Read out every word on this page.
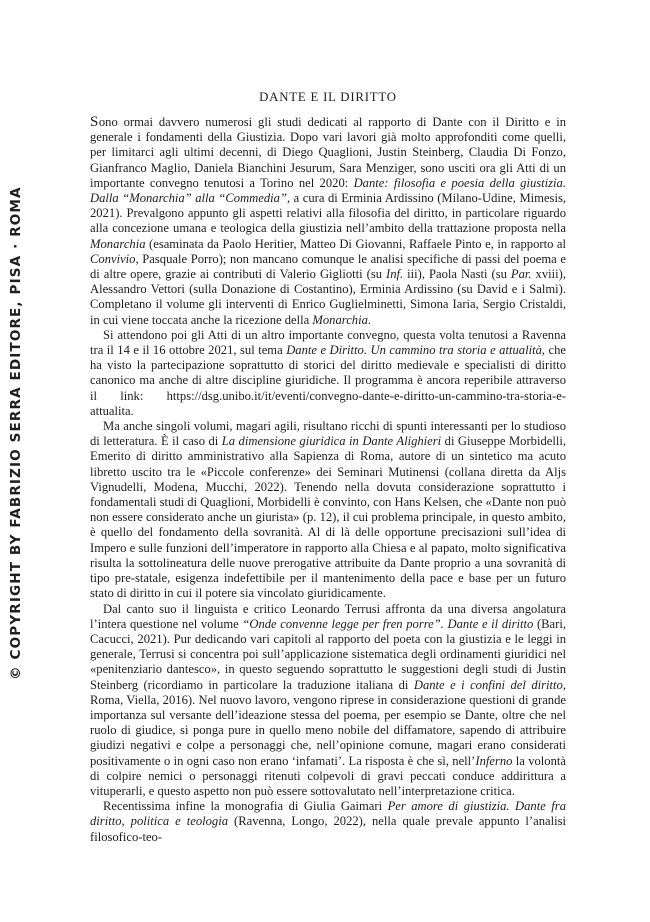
© COPYRIGHT BY FABRIZIO SERRA EDITORE, PISA · ROMA
DANTE E IL DIRITTO

Sono ormai davvero numerosi gli studi dedicati al rapporto di Dante con il Diritto e in generale i fondamenti della Giustizia. Dopo vari lavori già molto approfonditi come quelli, per limitarci agli ultimi decenni, di Diego Quaglioni, Justin Steinberg, Claudia Di Fonzo, Gianfranco Maglio, Daniela Bianchini Jesurum, Sara Menziger, sono usciti ora gli Atti di un importante convegno tenutosi a Torino nel 2020: Dante: filosofia e poesia della giustizia. Dalla “Monarchia” alla “Commedia”, a cura di Erminia Ardissino (Milano-Udine, Mimesis, 2021). Prevalgono appunto gli aspetti relativi alla filosofia del diritto, in particolare riguardo alla concezione umana e teologica della giustizia nell’ambito della trattazione proposta nella Monarchia (esaminata da Paolo Heritier, Matteo Di Giovanni, Raffaele Pinto e, in rapporto al Convivio, Pasquale Porro); non mancano comunque le analisi specifiche di passi del poema e di altre opere, grazie ai contributi di Valerio Gigliotti (su Inf. iii), Paola Nasti (su Par. xviii), Alessandro Vettori (sulla Donazione di Costantino), Erminia Ardissino (su David e i Salmi). Completano il volume gli interventi di Enrico Guglielminetti, Simona Iaria, Sergio Cristaldi, in cui viene toccata anche la ricezione della Monarchia.

Si attendono poi gli Atti di un altro importante convegno, questa volta tenutosi a Ravenna tra il 14 e il 16 ottobre 2021, sul tema Dante e Diritto. Un cammino tra storia e attualità, che ha visto la partecipazione soprattutto di storici del diritto medievale e specialisti di diritto canonico ma anche di altre discipline giuridiche. Il programma è ancora reperibile attraverso il link: https://dsg.unibo.it/it/eventi/convegno-dante-e-diritto-un-cammino-tra-storia-e-attualita.

Ma anche singoli volumi, magari agili, risultano ricchi di spunti interessanti per lo studioso di letteratura. È il caso di La dimensione giuridica in Dante Alighieri di Giuseppe Morbidelli, Emerito di diritto amministrativo alla Sapienza di Roma, autore di un sintetico ma acuto libretto uscito tra le «Piccole conferenze» dei Seminari Mutinensi (collana diretta da Aljs Vignudelli, Modena, Mucchi, 2022). Tenendo nella dovuta considerazione soprattutto i fondamentali studi di Quaglioni, Morbidelli è convinto, con Hans Kelsen, che «Dante non può non essere considerato anche un giurista» (p. 12), il cui problema principale, in questo ambito, è quello del fondamento della sovranità. Al di là delle opportune precisazioni sull’idea di Impero e sulle funzioni dell’imperatore in rapporto alla Chiesa e al papato, molto significativa risulta la sottolineatura delle nuove prerogative attribuite da Dante proprio a una sovranità di tipo pre-statale, esigenza indefettibile per il mantenimento della pace e base per un futuro stato di diritto in cui il potere sia vincolato giuridicamente.

Dal canto suo il linguista e critico Leonardo Terrusi affronta da una diversa angolatura l’intera questione nel volume “Onde convenne legge per fren porre”. Dante e il diritto (Bari, Cacucci, 2021). Pur dedicando vari capitoli al rapporto del poeta con la giustizia e le leggi in generale, Terrusi si concentra poi sull’applicazione sistematica degli ordinamenti giuridici nel «penitenziario dantesco», in questo seguendo soprattutto le suggestioni degli studi di Justin Steinberg (ricordiamo in particolare la traduzione italiana di Dante e i confini del diritto, Roma, Viella, 2016). Nel nuovo lavoro, vengono riprese in considerazione questioni di grande importanza sul versante dell’ideazione stessa del poema, per esempio se Dante, oltre che nel ruolo di giudice, si ponga pure in quello meno nobile del diffamatore, sapendo di attribuire giudizi negativi e colpe a personaggi che, nell’opinione comune, magari erano considerati positivamente o in ogni caso non erano ‘infamati’. La risposta è che sì, nell’Inferno la volontà di colpire nemici o personaggi ritenuti colpevoli di gravi peccati conduce addirittura a vituperarli, e questo aspetto non può essere sottovalutato nell’interpretazione critica.

Recentissima infine la monografia di Giulia Gaimari Per amore di giustizia. Dante fra diritto, politica e teologia (Ravenna, Longo, 2022), nella quale prevale appunto l’analisi filosofico-teo-
